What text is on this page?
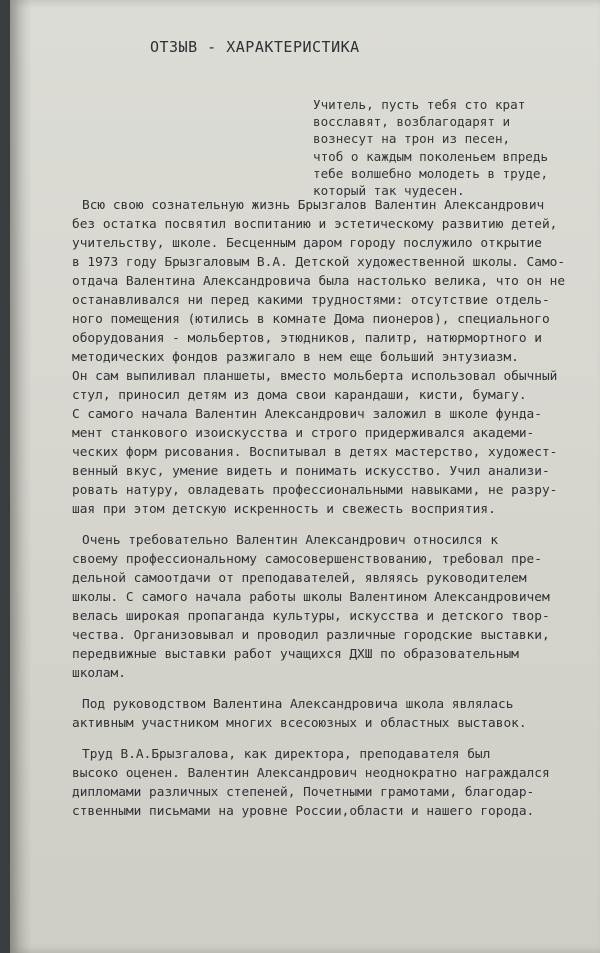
ОТЗЫВ - ХАРАКТЕРИСТИКА
Учитель, пусть тебя сто крат
восславят, возблагодарят и
вознесут на трон из песен,
чтоб о каждым поколеньем впредь
тебе волшебно молодеть в труде,
который так чудесен.
Всю свою сознательную жизнь Брызгалов Валентин Александрович
без остатка посвятил воспитанию и эстетическому развитию детей,
учительству, школе. Бесценным даром городу послужило открытие
в 1973 году Брызгаловым В.А. Детской художественной школы. Само-
отдача Валентина Александровича была настолько велика, что он не
останавливался ни перед какими трудностями: отсутствие отдель-
ного помещения (ютились в комнате Дома пионеров), специального
оборудования - мольбертов, этюдников, палитр, натюрмортного и
методических фондов разжигало в нем еще больший энтузиазм.
Он сам выпиливал планшеты, вместо мольберта использовал обычный
стул, приносил детям из дома свои карандаши, кисти, бумагу.
С самого начала Валентин Александрович заложил в школе фунда-
мент станкового изоискусства и строго придерживался академи-
ческих форм рисования. Воспитывал в детях мастерство, художест-
венный вкус, умение видеть и понимать искусство. Учил анализи-
ровать натуру, овладевать профессиональными навыками, не разру-
шая при этом детскую искренность и свежесть восприятия.
Очень требовательно Валентин Александрович относился к
своему профессиональному самосовершенствованию, требовал пре-
дельной самоотдачи от преподавателей, являясь руководителем
школы. С самого начала работы школы Валентином Александровичем
велась широкая пропаганда культуры, искусства и детского твор-
чества. Организовывал и проводил различные городские выставки,
передвижные выставки работ учащихся ДХШ по образовательным
школам.
Под руководством Валентина Александровича школа являлась
активным участником многих всесоюзных и областных выставок.
Труд В.А.Брызгалова, как директора, преподавателя был
высоко оценен. Валентин Александрович неоднократно награждался
дипломами различных степеней, Почетными грамотами, благодар-
ственными письмами на уровне России,области и нашего города.
